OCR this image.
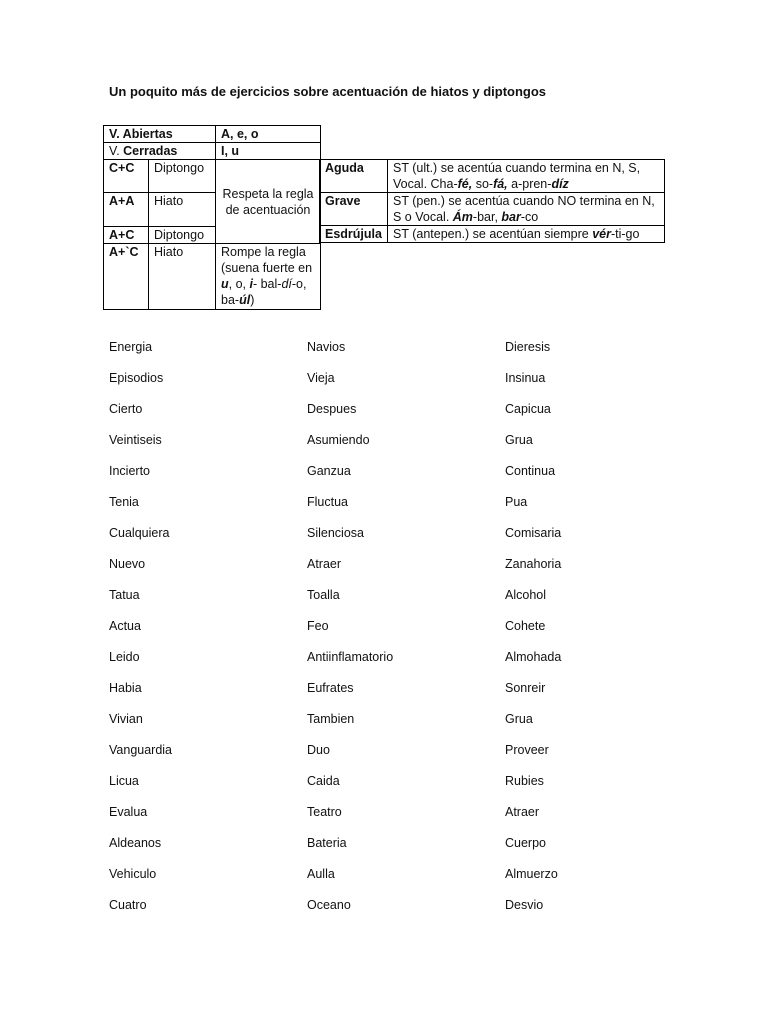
Un poquito más de ejercicios sobre acentuación de hiatos y diptongos
V. Abiertas		A, e, o
V. Cerradas		I, u
C+C	Diptongo	Respeta la regla de acentuación
A+A	Hiato	
A+C	Diptongo	
A+`C	Hiato	Rompe la regla (suena fuerte en u, o, i- bal-dí-o, ba-úl)
Aguda	ST (ult.) se acentúa cuando termina en N, S, Vocal. Cha-fé, so-fá, a-pren-díz
Grave	ST (pen.) se acentúa cuando NO termina en N, S o Vocal. Ám-bar, bar-co
Esdrújula	ST (antepen.) se acentúan siempre vér-ti-go
Energia	Navios	Dieresis
Episodios	Vieja	Insinua
Cierto	Despues	Capicua
Veintiseis	Asumiendo	Grua
Incierto	Ganzua	Continua
Tenia	Fluctua	Pua
Cualquiera	Silenciosa	Comisaria
Nuevo	Atraer	Zanahoria
Tatua	Toalla	Alcohol
Actua	Feo	Cohete
Leido	Antiinflamatorio	Almohada
Habia	Eufrates	Sonreir
Vivian	Tambien	Grua
Vanguardia	Duo	Proveer
Licua	Caida	Rubies
Evalua	Teatro	Atraer
Aldeanos	Bateria	Cuerpo
Vehiculo	Aulla	Almuerzo
Cuatro	Oceano	Desvio
